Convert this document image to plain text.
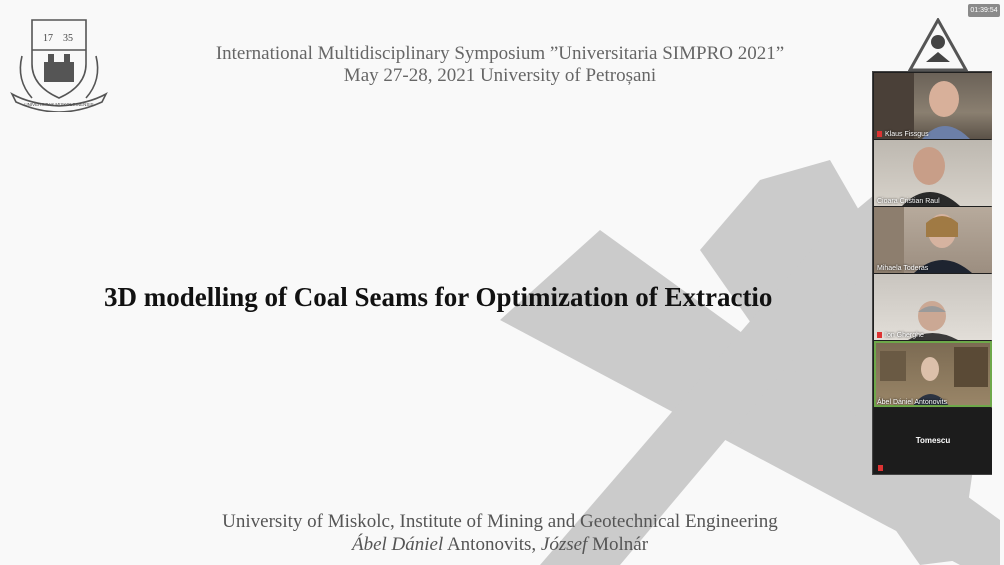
17 35
UNIVERSITAS MISKOLCINENSIS
International Multidisciplinary Symposium ”Universitaria SIMPRO 2021”
May 27-28, 2021 University of Petroșani
3D modelling of Coal Seams for Optimization of Extractio
University of Miskolc, Institute of Mining and Geotechnical Engineering
Ábel Dániel Antonovits, József Molnár
01:39:54
Klaus Fissgus
Cioara Cristian Raul
Mihaela Toderas
Ion Gherghe
Ábel Dániel Antonovits
Tomescu
